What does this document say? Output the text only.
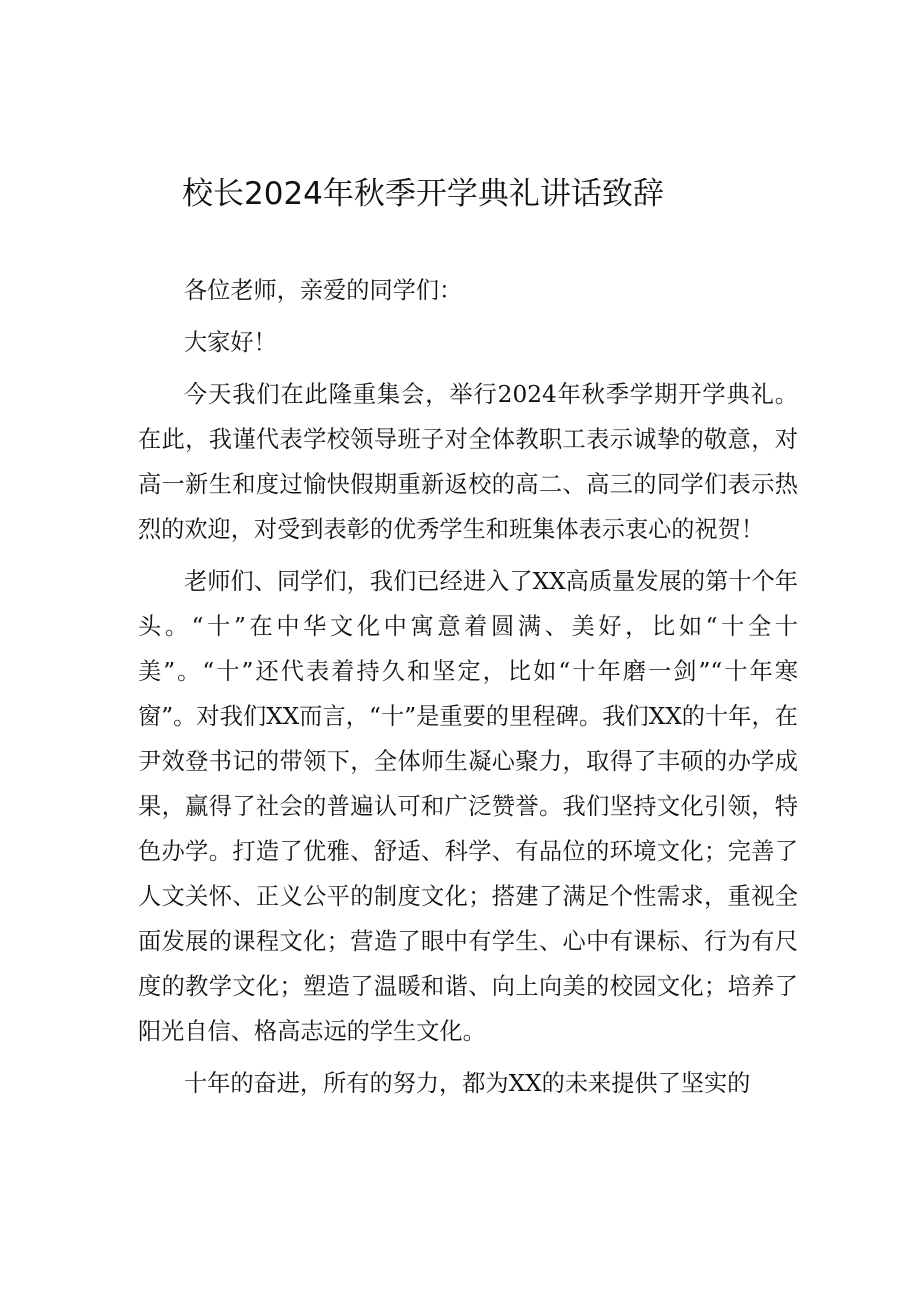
校长2024年秋季开学典礼讲话致辞

各位老师，亲爱的同学们：

大家好！

今天我们在此隆重集会，举行2024年秋季学期开学典礼。在此，我谨代表学校领导班子对全体教职工表示诚挚的敬意，对高一新生和度过愉快假期重新返校的高二、高三的同学们表示热烈的欢迎，对受到表彰的优秀学生和班集体表示衷心的祝贺！

老师们、同学们，我们已经进入了XX高质量发展的第十个年头。“十”在中华文化中寓意着圆满、美好，比如“十全十美”。“十”还代表着持久和坚定，比如“十年磨一剑”“十年寒窗”。对我们XX而言，“十”是重要的里程碑。我们XX的十年，在尹效登书记的带领下，全体师生凝心聚力，取得了丰硕的办学成果，赢得了社会的普遍认可和广泛赞誉。我们坚持文化引领，特色办学。打造了优雅、舒适、科学、有品位的环境文化；完善了人文关怀、正义公平的制度文化；搭建了满足个性需求，重视全面发展的课程文化；营造了眼中有学生、心中有课标、行为有尺度的教学文化；塑造了温暖和谐、向上向美的校园文化；培养了阳光自信、格高志远的学生文化。

十年的奋进，所有的努力，都为XX的未来提供了坚实的
